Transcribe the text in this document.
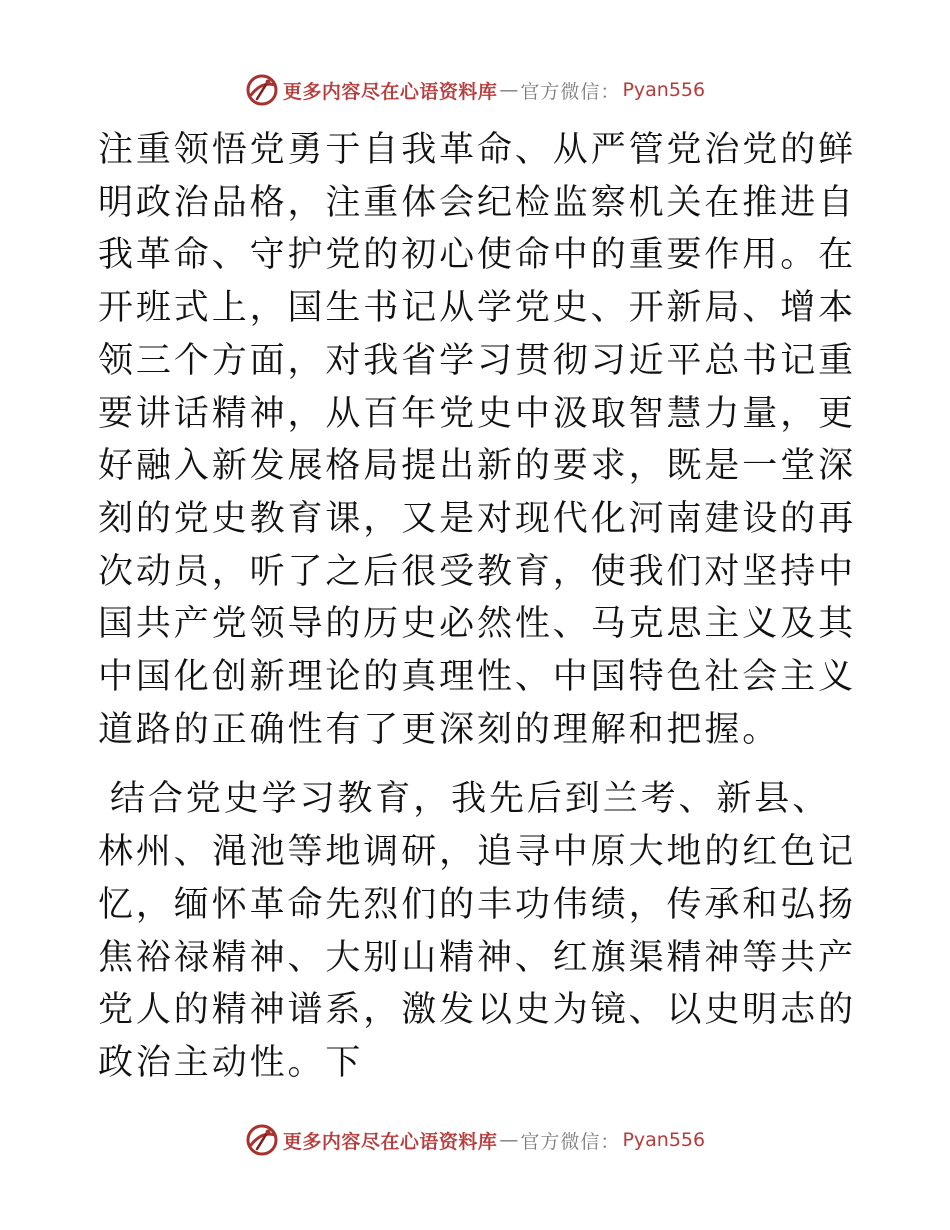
更多内容尽在心语资料库 — 官方微信： Pyan556

注重领悟党勇于自我革命、从严管党治党的鲜明政治品格，注重体会纪检监察机关在推进自我革命、守护党的初心使命中的重要作用。在开班式上，国生书记从学党史、开新局、增本领三个方面，对我省学习贯彻习近平总书记重要讲话精神，从百年党史中汲取智慧力量，更好融入新发展格局提出新的要求，既是一堂深刻的党史教育课，又是对现代化河南建设的再次动员，听了之后很受教育，使我们对坚持中国共产党领导的历史必然性、马克思主义及其中国化创新理论的真理性、中国特色社会主义道路的正确性有了更深刻的理解和把握。

结合党史学习教育，我先后到兰考、新县、林州、渑池等地调研，追寻中原大地的红色记忆，缅怀革命先烈们的丰功伟绩，传承和弘扬焦裕禄精神、大别山精神、红旗渠精神等共产党人的精神谱系，激发以史为镜、以史明志的政治主动性。下

更多内容尽在心语资料库 — 官方微信： Pyan556
